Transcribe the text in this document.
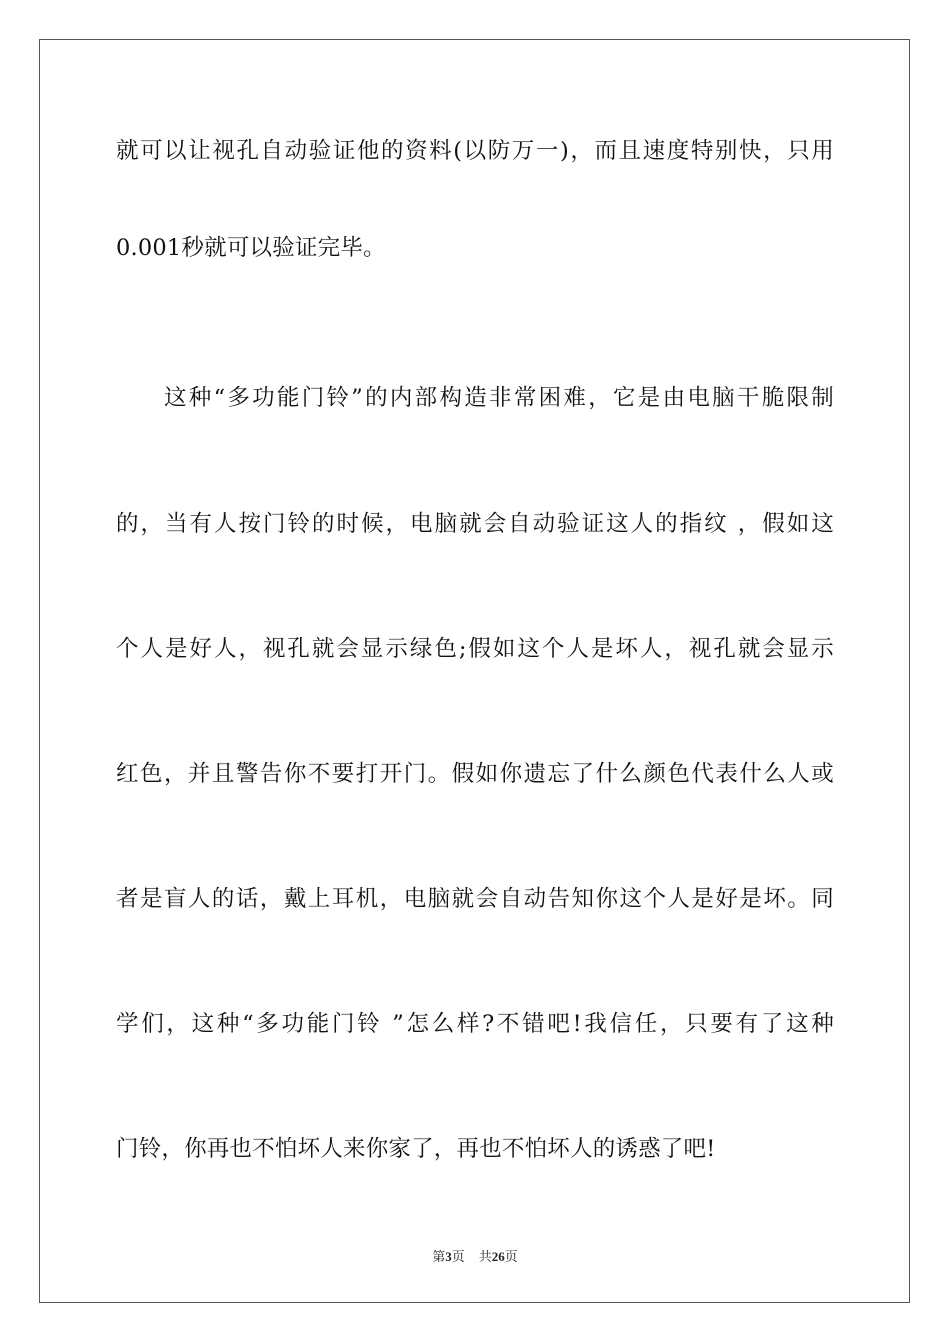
就可以让视孔自动验证他的资料(以防万一)，而且速度特别快，只用
0.001秒就可以验证完毕。
这种“多功能门铃”的内部构造非常困难，它是由电脑干脆限制
的，当有人按门铃的时候，电脑就会自动验证这人的指纹 ，假如这
个人是好人，视孔就会显示绿色;假如这个人是坏人，视孔就会显示
红色，并且警告你不要打开门。假如你遗忘了什么颜色代表什么人或
者是盲人的话，戴上耳机，电脑就会自动告知你这个人是好是坏。同
学们，这种“多功能门铃 ”怎么样?不错吧!我信任，只要有了这种
门铃，你再也不怕坏人来你家了，再也不怕坏人的诱惑了吧!
第3页 共26页
